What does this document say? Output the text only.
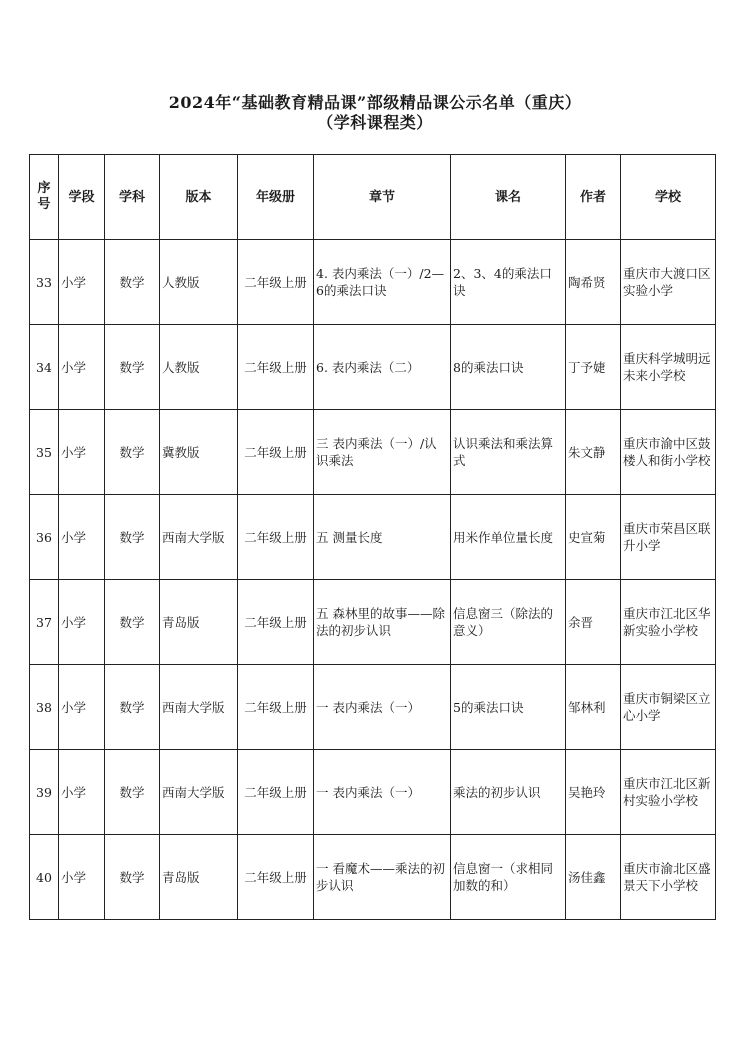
2024年“基础教育精品课”部级精品课公示名单（重庆）
（学科课程类）
序号	学段	学科	版本	年级册	章节	课名	作者	学校
33	小学	数学	人教版	二年级上册	4. 表内乘法（一）/2—6的乘法口诀	2、3、4的乘法口诀	陶希贤	重庆市大渡口区实验小学
34	小学	数学	人教版	二年级上册	6. 表内乘法（二）	8的乘法口诀	丁予婕	重庆科学城明远未来小学校
35	小学	数学	冀教版	二年级上册	三 表内乘法（一）/认识乘法	认识乘法和乘法算式	朱文静	重庆市渝中区鼓楼人和街小学校
36	小学	数学	西南大学版	二年级上册	五 测量长度	用米作单位量长度	史宣菊	重庆市荣昌区联升小学
37	小学	数学	青岛版	二年级上册	五 森林里的故事——除法的初步认识	信息窗三（除法的意义）	余晋	重庆市江北区华新实验小学校
38	小学	数学	西南大学版	二年级上册	一 表内乘法（一）	5的乘法口诀	邹林利	重庆市铜梁区立心小学
39	小学	数学	西南大学版	二年级上册	一 表内乘法（一）	乘法的初步认识	吴艳玲	重庆市江北区新村实验小学校
40	小学	数学	青岛版	二年级上册	一 看魔术——乘法的初步认识	信息窗一（求相同加数的和）	汤佳鑫	重庆市渝北区盛景天下小学校
